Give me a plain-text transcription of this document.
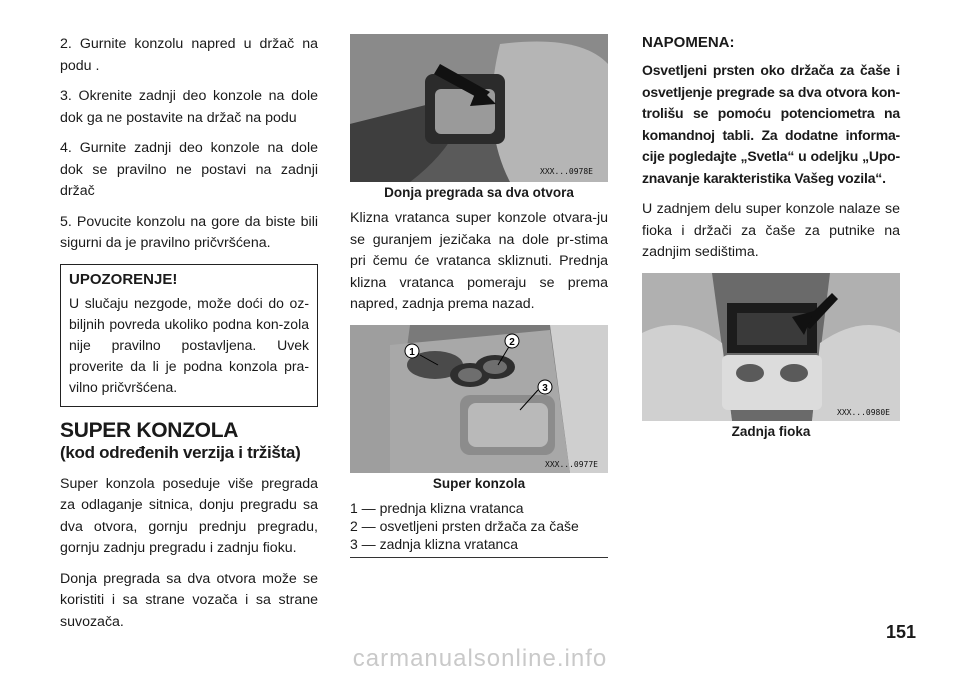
2. Gurnite konzolu napred u držač na podu .

3. Okrenite zadnji deo konzole na dole dok ga ne postavite na držač na podu

4. Gurnite zadnji deo konzole na dole dok se pravilno ne postavi na zadnji držač

5. Povucite konzolu na gore da biste bili sigurni da je pravilno pričvršćena.

UPOZORENJE!

U slučaju nezgode, može doći do oz-biljnih povreda ukoliko podna kon-zola nije pravilno postavljena. Uvek proverite da li je podna konzola pra-vilno pričvršćena.

SUPER KONZOLA
(kod određenih verzija i tržišta)

Super konzola poseduje više pregrada za odlaganje sitnica, donju pregradu sa dva otvora, gornju prednju pregradu, gornju zadnju pregradu i zadnju fioku.

Donja pregrada sa dva otvora može se koristiti i sa strane vozača i sa strane suvozača.

XXX...0978E
Donja pregrada sa dva otvora

Klizna vratanca super konzole otvara-ju se guranjem jezičaka na dole pr-stima pri čemu će vratanca skliznuti. Prednja klizna vratanca pomeraju se prema napred, zadnja prema nazad.

1
2
3
XXX...0977E
Super konzola
1 — prednja klizna vratanca
2 — osvetljeni prsten držača za čaše
3 — zadnja klizna vratanca
NAPOMENA:

Osvetljeni prsten oko držača za čaše i osvetljenje pregrade sa dva otvora kon-trolišu se pomoću potenciometra na komandnoj tabli. Za dodatne informa-cije pogledajte „Svetla“ u odeljku „Upo-znavanje karakteristika Vašeg vozila“.

U zadnjem delu super konzole nalaze se fioka i držači za čaše za putnike na zadnjim sedištima.

XXX...0980E
Zadnja fioka
151
carmanualsonline.info
